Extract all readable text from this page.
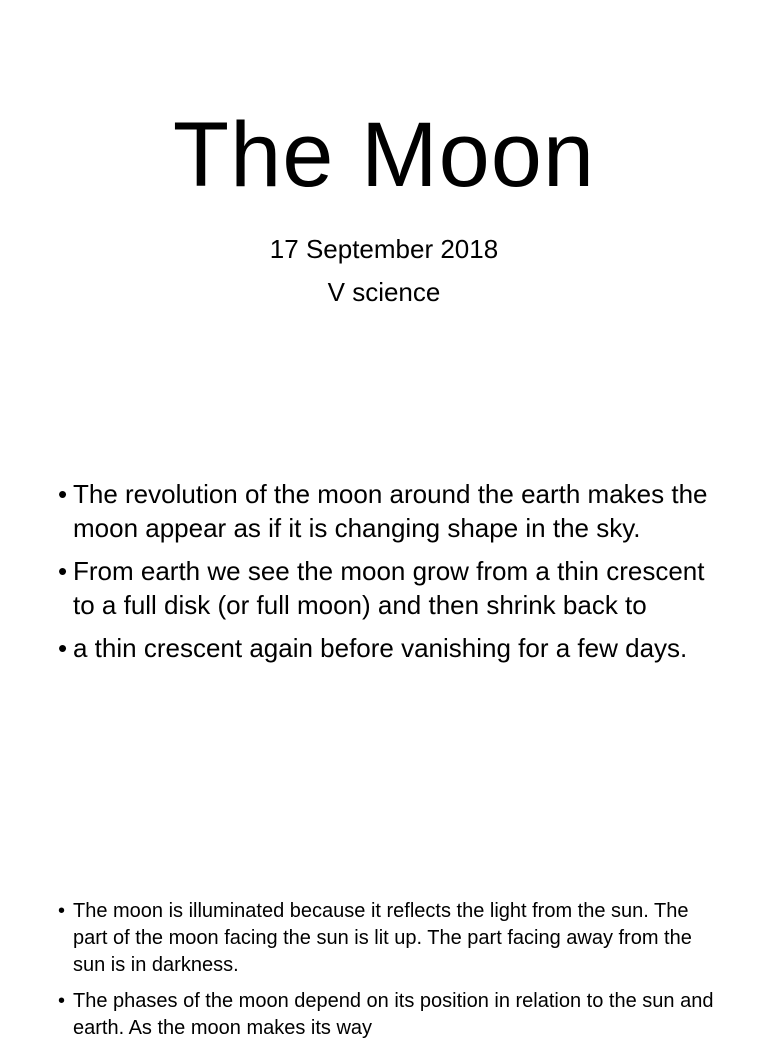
The Moon
17 September 2018
V science
• The revolution of the moon around the earth makes the moon appear as if it is changing shape in the sky.
• From earth we see the moon grow from a thin crescent to a full disk (or full moon) and then shrink back to
• a thin crescent again before vanishing for a few days.
• The moon is illuminated because it reflects the light from the sun. The part of the moon facing the sun is lit up. The part facing away from the sun is in darkness.
• The phases of the moon depend on its position in relation to the sun and earth. As the moon makes its way
